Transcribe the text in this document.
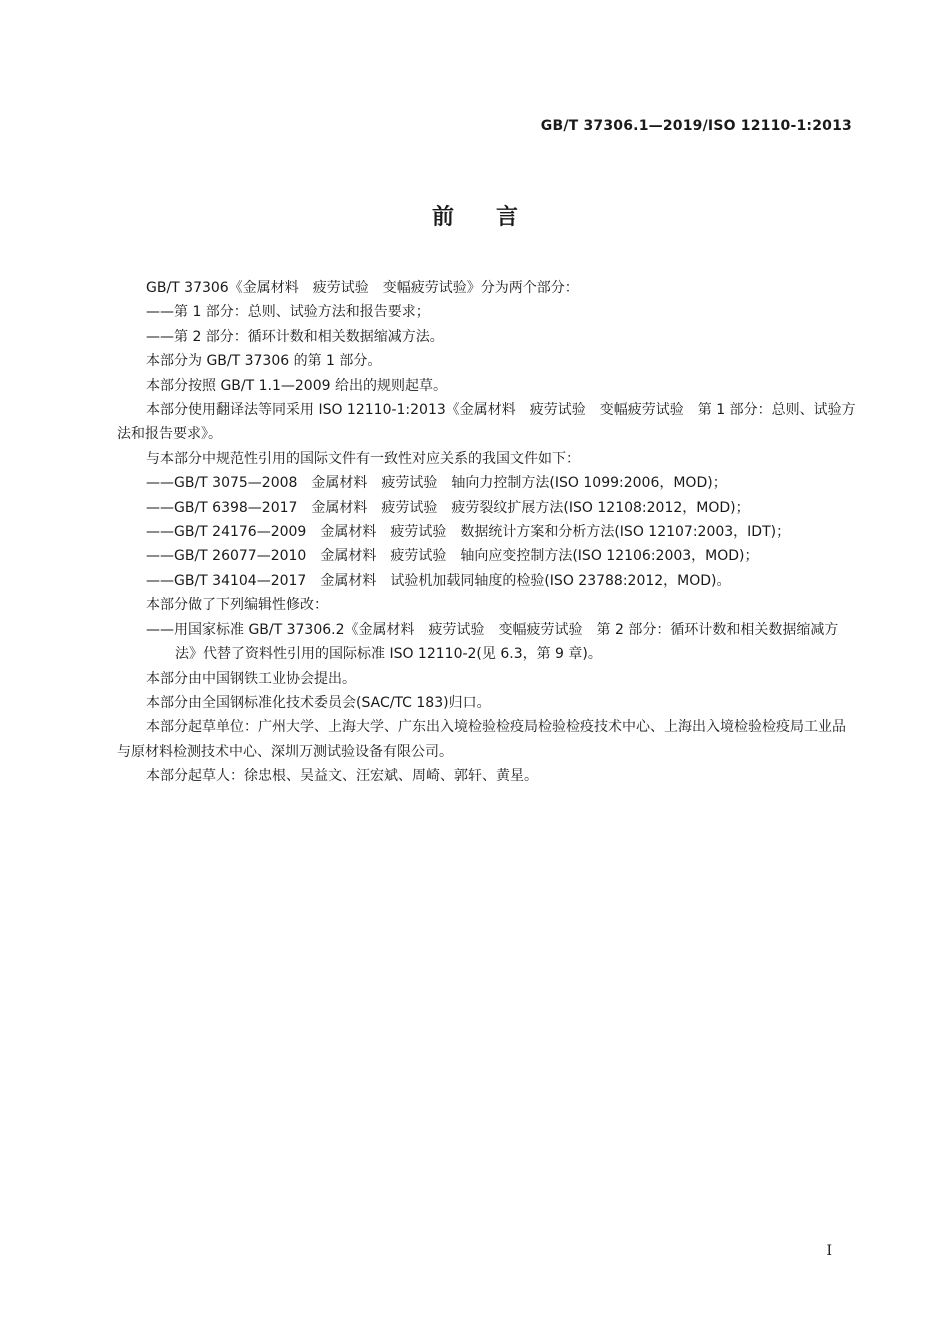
GB/T 37306.1—2019/ISO 12110-1:2013
前言

GB/T 37306《金属材料　疲劳试验　变幅疲劳试验》分为两个部分：

——第 1 部分：总则、试验方法和报告要求；

——第 2 部分：循环计数和相关数据缩减方法。

本部分为 GB/T 37306 的第 1 部分。

本部分按照 GB/T 1.1—2009 给出的规则起草。

本部分使用翻译法等同采用 ISO 12110-1:2013《金属材料　疲劳试验　变幅疲劳试验　第 1 部分：总则、试验方法和报告要求》。

与本部分中规范性引用的国际文件有一致性对应关系的我国文件如下：

——GB/T 3075—2008　金属材料　疲劳试验　轴向力控制方法(ISO 1099:2006，MOD)；

——GB/T 6398—2017　金属材料　疲劳试验　疲劳裂纹扩展方法(ISO 12108:2012，MOD)；

——GB/T 24176—2009　金属材料　疲劳试验　数据统计方案和分析方法(ISO 12107:2003，IDT)；

——GB/T 26077—2010　金属材料　疲劳试验　轴向应变控制方法(ISO 12106:2003，MOD)；

——GB/T 34104—2017　金属材料　试验机加载同轴度的检验(ISO 23788:2012，MOD)。

本部分做了下列编辑性修改：

——用国家标准 GB/T 37306.2《金属材料　疲劳试验　变幅疲劳试验　第 2 部分：循环计数和相关数据缩减方法》代替了资料性引用的国际标准 ISO 12110-2(见 6.3，第 9 章)。

本部分由中国钢铁工业协会提出。

本部分由全国钢标准化技术委员会(SAC/TC 183)归口。

本部分起草单位：广州大学、上海大学、广东出入境检验检疫局检验检疫技术中心、上海出入境检验检疫局工业品与原材料检测技术中心、深圳万测试验设备有限公司。

本部分起草人：徐忠根、吴益文、汪宏斌、周崎、郭轩、黄星。

I
